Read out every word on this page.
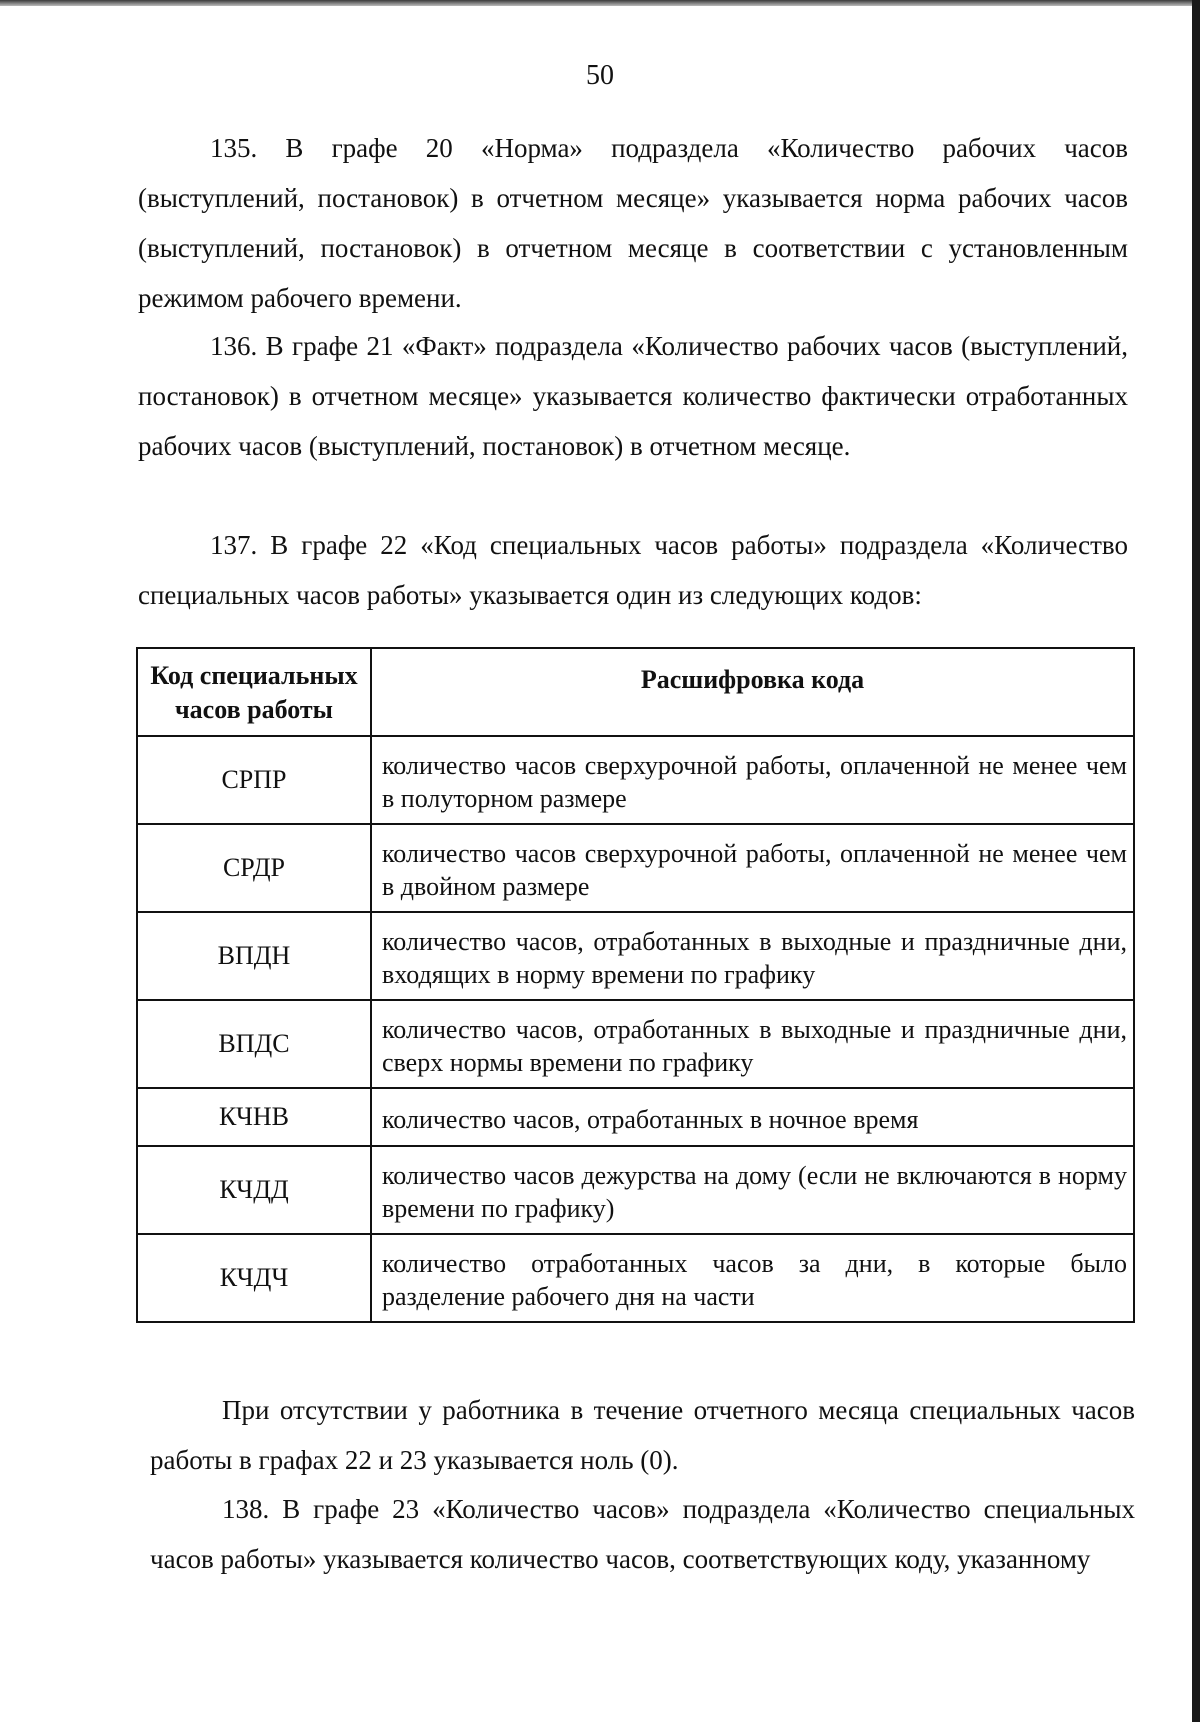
50

135. В графе 20 «Норма» подраздела «Количество рабочих часов (выступлений, постановок) в отчетном месяце» указывается норма рабочих часов (выступлений, постановок) в отчетном месяце в соответствии с установленным режимом рабочего времени.

136. В графе 21 «Факт» подраздела «Количество рабочих часов (выступлений, постановок) в отчетном месяце» указывается количество фактически отработанных рабочих часов (выступлений, постановок) в отчетном месяце.

137. В графе 22 «Код специальных часов работы» подраздела «Количество специальных часов работы» указывается один из следующих кодов:

Код специальных часов работы	Расшифровка кода
СРПР	количество часов сверхурочной работы, оплаченной не менее чем в полуторном размере
СРДР	количество часов сверхурочной работы, оплаченной не менее чем в двойном размере
ВПДН	количество часов, отработанных в выходные и праздничные дни, входящих в норму времени по графику
ВПДС	количество часов, отработанных в выходные и праздничные дни, сверх нормы времени по графику
КЧНВ	количество часов, отработанных в ночное время
КЧДД	количество часов дежурства на дому (если не включаются в норму времени по графику)
КЧДЧ	количество отработанных часов за дни, в которые было разделение рабочего дня на части

При отсутствии у работника в течение отчетного месяца специальных часов работы в графах 22 и 23 указывается ноль (0).

138. В графе 23 «Количество часов» подраздела «Количество специальных часов работы» указывается количество часов, соответствующих коду, указанному
